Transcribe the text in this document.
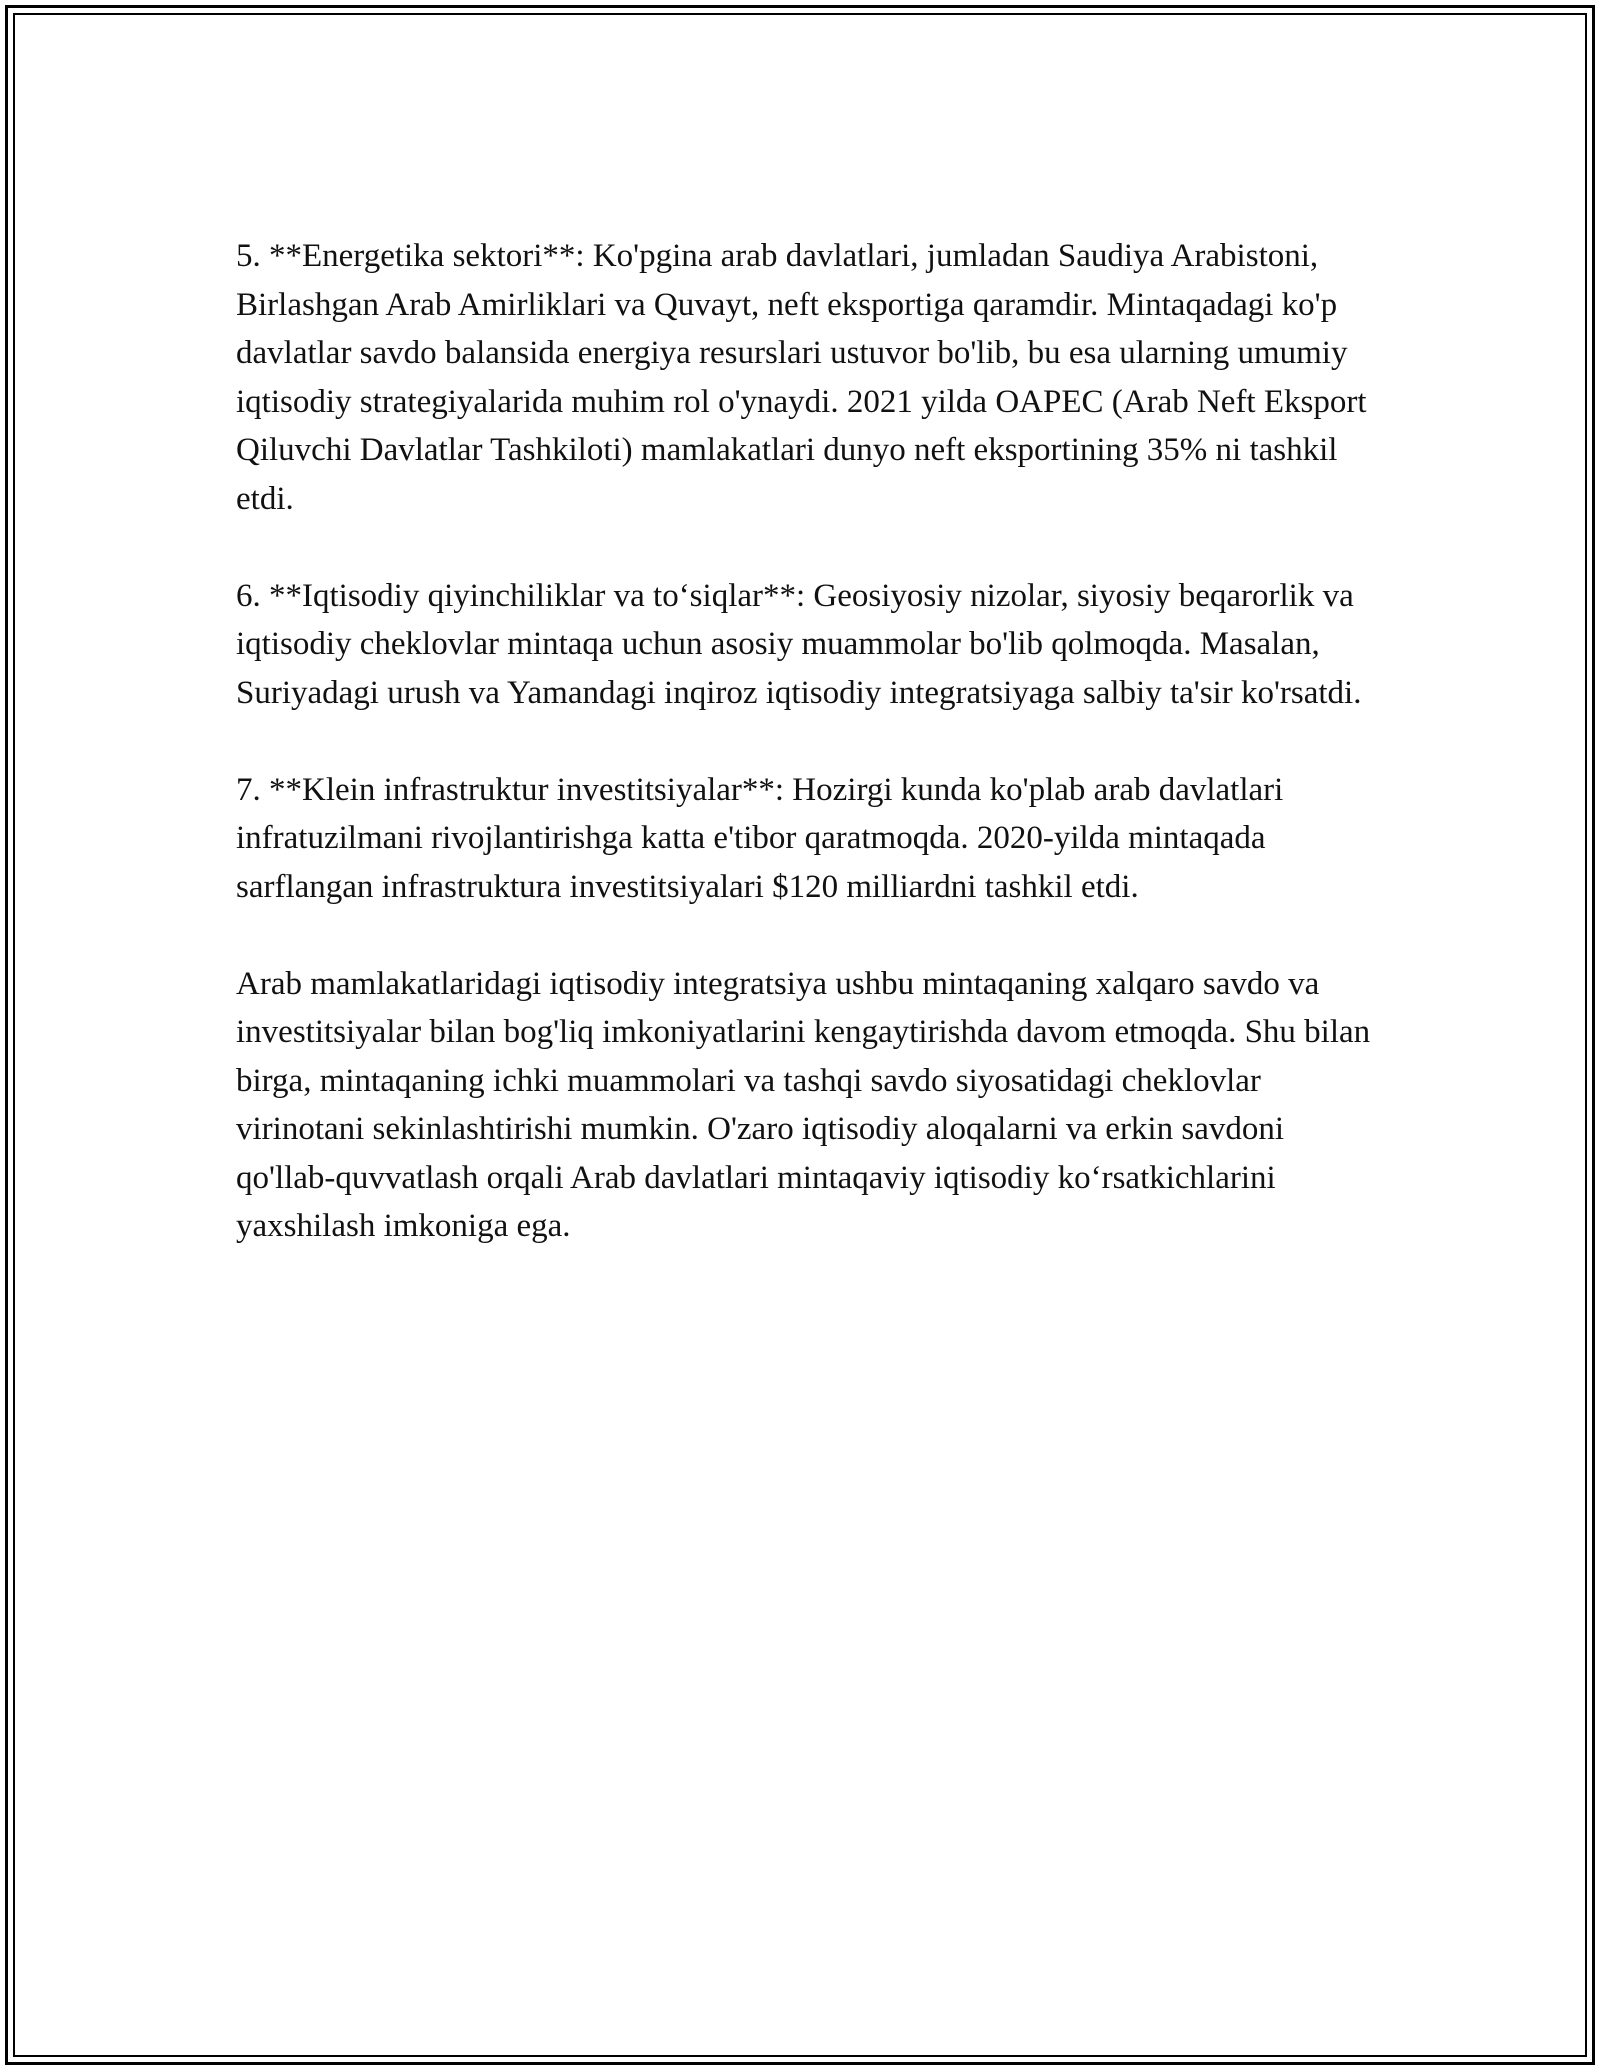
5. **Energetika sektori**: Ko'pgina arab davlatlari, jumladan Saudiya Arabistoni, Birlashgan Arab Amirliklari va Quvayt, neft eksportiga qaramdir. Mintaqadagi ko'p davlatlar savdo balansida energiya resurslari ustuvor bo'lib, bu esa ularning umumiy iqtisodiy strategiyalarida muhim rol o'ynaydi. 2021 yilda OAPEC (Arab Neft Eksport Qiluvchi Davlatlar Tashkiloti) mamlakatlari dunyo neft eksportining 35% ni tashkil etdi.

6. **Iqtisodiy qiyinchiliklar va to‘siqlar**: Geosiyosiy nizolar, siyosiy beqarorlik va iqtisodiy cheklovlar mintaqa uchun asosiy muammolar bo'lib qolmoqda. Masalan, Suriyadagi urush va Yamandagi inqiroz iqtisodiy integratsiyaga salbiy ta'sir ko'rsatdi.

7. **Klein infrastruktur investitsiyalar**: Hozirgi kunda ko'plab arab davlatlari infratuzilmani rivojlantirishga katta e'tibor qaratmoqda. 2020-yilda mintaqada sarflangan infrastruktura investitsiyalari $120 milliardni tashkil etdi.

Arab mamlakatlaridagi iqtisodiy integratsiya ushbu mintaqaning xalqaro savdo va investitsiyalar bilan bog'liq imkoniyatlarini kengaytirishda davom etmoqda. Shu bilan birga, mintaqaning ichki muammolari va tashqi savdo siyosatidagi cheklovlar virinotani sekinlashtirishi mumkin. O'zaro iqtisodiy aloqalarni va erkin savdoni qo'llab-quvvatlash orqali Arab davlatlari mintaqaviy iqtisodiy ko‘rsatkichlarini yaxshilash imkoniga ega.
